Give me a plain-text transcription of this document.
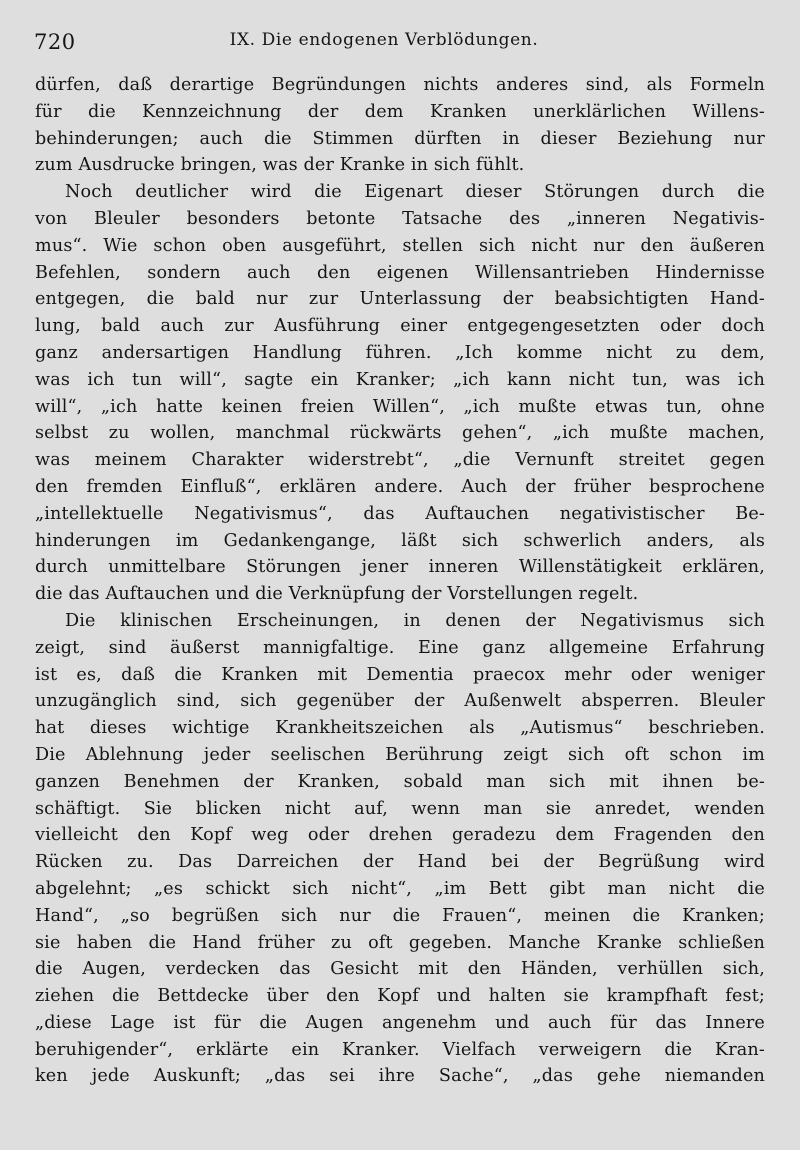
720	IX. Die endogenen Verblödungen.
dürfen, daß derartige Begründungen nichts anderes sind, als Formeln
für die Kennzeichnung der dem Kranken unerklärlichen Willens-
behinderungen; auch die Stimmen dürften in dieser Beziehung nur
zum Ausdrucke bringen, was der Kranke in sich fühlt.
Noch deutlicher wird die Eigenart dieser Störungen durch die
von Bleuler besonders betonte Tatsache des „inneren Negativis-
mus“. Wie schon oben ausgeführt, stellen sich nicht nur den äußeren
Befehlen, sondern auch den eigenen Willensantrieben Hindernisse
entgegen, die bald nur zur Unterlassung der beabsichtigten Hand-
lung, bald auch zur Ausführung einer entgegengesetzten oder doch
ganz andersartigen Handlung führen. „Ich komme nicht zu dem,
was ich tun will“, sagte ein Kranker; „ich kann nicht tun, was ich
will“, „ich hatte keinen freien Willen“, „ich mußte etwas tun, ohne
selbst zu wollen, manchmal rückwärts gehen“, „ich mußte machen,
was meinem Charakter widerstrebt“, „die Vernunft streitet gegen
den fremden Einfluß“, erklären andere. Auch der früher besprochene
„intellektuelle Negativismus“, das Auftauchen negativistischer Be-
hinderungen im Gedankengange, läßt sich schwerlich anders, als
durch unmittelbare Störungen jener inneren Willenstätigkeit erklären,
die das Auftauchen und die Verknüpfung der Vorstellungen regelt.
Die klinischen Erscheinungen, in denen der Negativismus sich
zeigt, sind äußerst mannigfaltige. Eine ganz allgemeine Erfahrung
ist es, daß die Kranken mit Dementia praecox mehr oder weniger
unzugänglich sind, sich gegenüber der Außenwelt absperren. Bleuler
hat dieses wichtige Krankheitszeichen als „Autismus“ beschrieben.
Die Ablehnung jeder seelischen Berührung zeigt sich oft schon im
ganzen Benehmen der Kranken, sobald man sich mit ihnen be-
schäftigt. Sie blicken nicht auf, wenn man sie anredet, wenden
vielleicht den Kopf weg oder drehen geradezu dem Fragenden den
Rücken zu. Das Darreichen der Hand bei der Begrüßung wird
abgelehnt; „es schickt sich nicht“, „im Bett gibt man nicht die
Hand“, „so begrüßen sich nur die Frauen“, meinen die Kranken;
sie haben die Hand früher zu oft gegeben. Manche Kranke schließen
die Augen, verdecken das Gesicht mit den Händen, verhüllen sich,
ziehen die Bettdecke über den Kopf und halten sie krampfhaft fest;
„diese Lage ist für die Augen angenehm und auch für das Innere
beruhigender“, erklärte ein Kranker. Vielfach verweigern die Kran-
ken jede Auskunft; „das sei ihre Sache“, „das gehe niemanden
